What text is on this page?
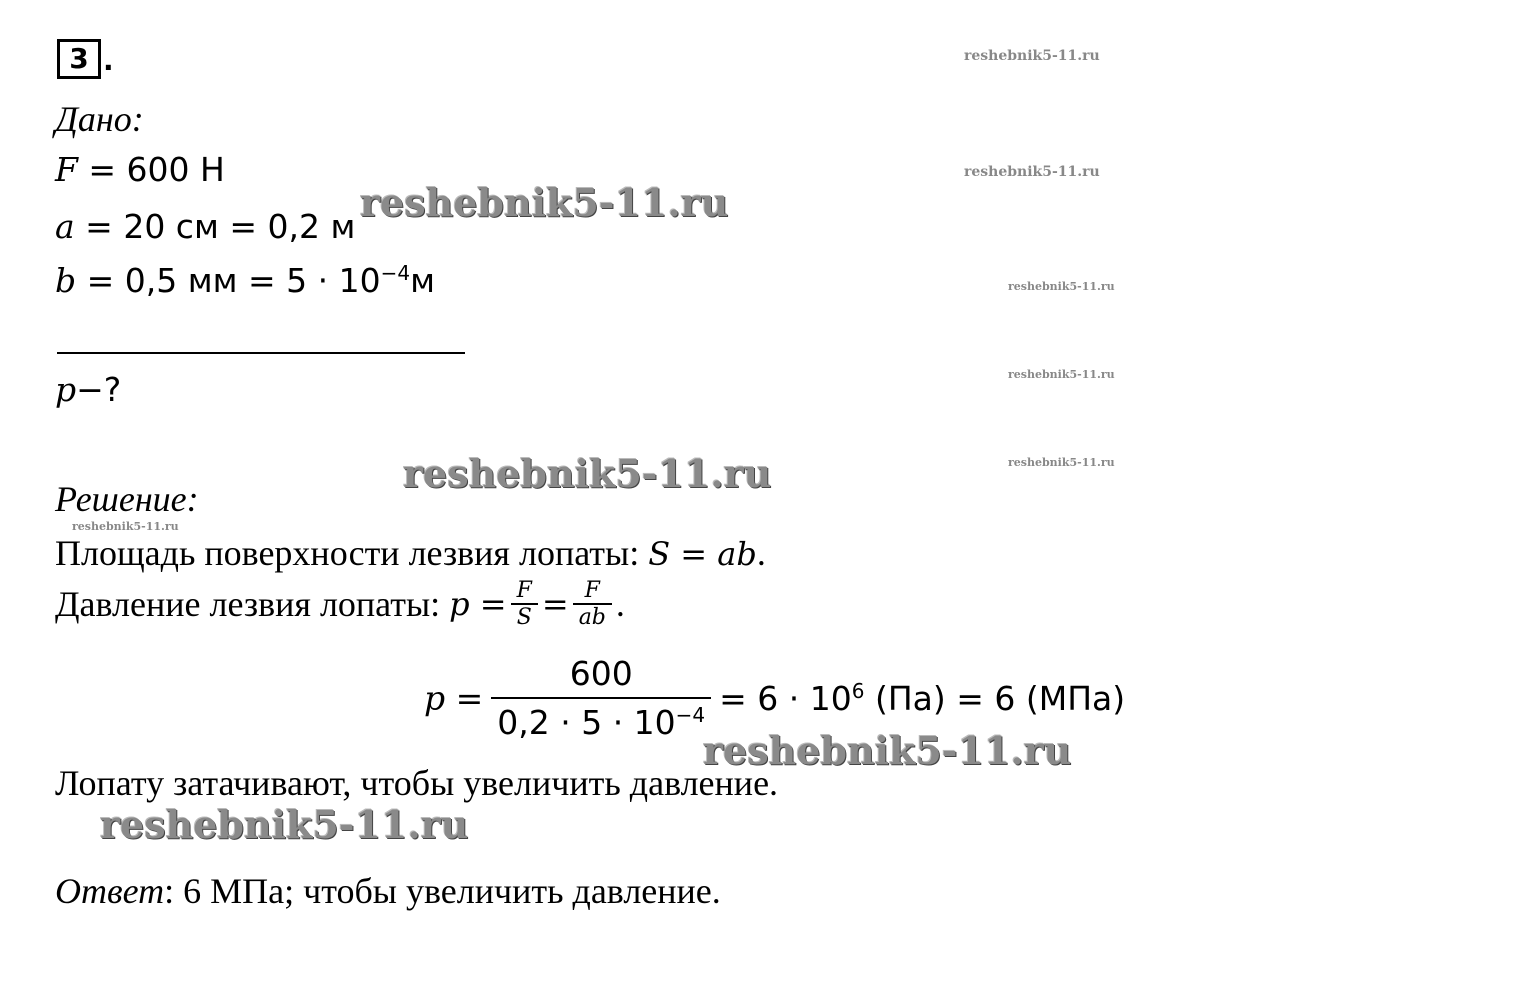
3 .
Дано:
F = 600 Н
a = 20 см = 0,2 м
b = 0,5 мм = $5 \cdot 10^{-4}м$
p−?
Решение:
Площадь поверхности лезвия лопаты: S = ab.
Давление лезвия лопаты: $p = \frac{F}{S} = \frac{F}{ab}$ .
$p = \frac{600}{0,2 \cdot 5 \cdot 10^{-4}} = 6 \cdot 10^6$ (Па) = 6 (МПа)
Лопату затачивают, чтобы увеличить давление.
Ответ: 6 МПа; чтобы увеличить давление.
reshebnik5-11.ru
reshebnik5-11.ru
reshebnik5-11.ru
reshebnik5-11.ru
reshebnik5-11.ru
reshebnik5-11.ru
reshebnik5-11.ru
reshebnik5-11.ru
reshebnik5-11.ru
reshebnik5-11.ru
